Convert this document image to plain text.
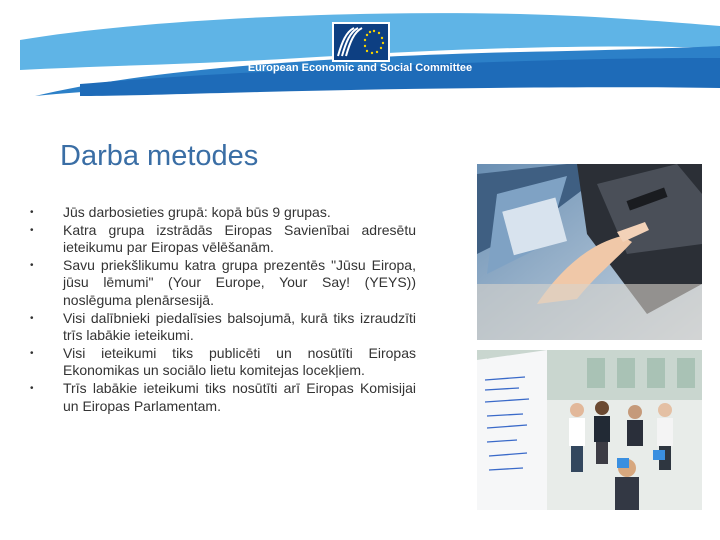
European Economic and Social Committee
Darba metodes
•	Jūs darbosieties grupā: kopā būs 9 grupas.
•	Katra grupa izstrādās Eiropas Savienībai adresētu ieteikumu par Eiropas vēlēšanām.
•	Savu priekšlikumu katra grupa prezentēs "Jūsu Eiropa, jūsu lēmumi" (Your Europe, Your Say! (YEYS)) noslēguma plenārsesijā.
•	Visi dalībnieki piedalīsies balsojumā, kurā tiks izraudzīti trīs labākie ieteikumi.
•	Visi ieteikumi tiks publicēti un nosūtīti Eiropas Ekonomikas un sociālo lietu komitejas locekļiem.
•	Trīs labākie ieteikumi tiks nosūtīti arī Eiropas Komisijai un Eiropas Parlamentam.
